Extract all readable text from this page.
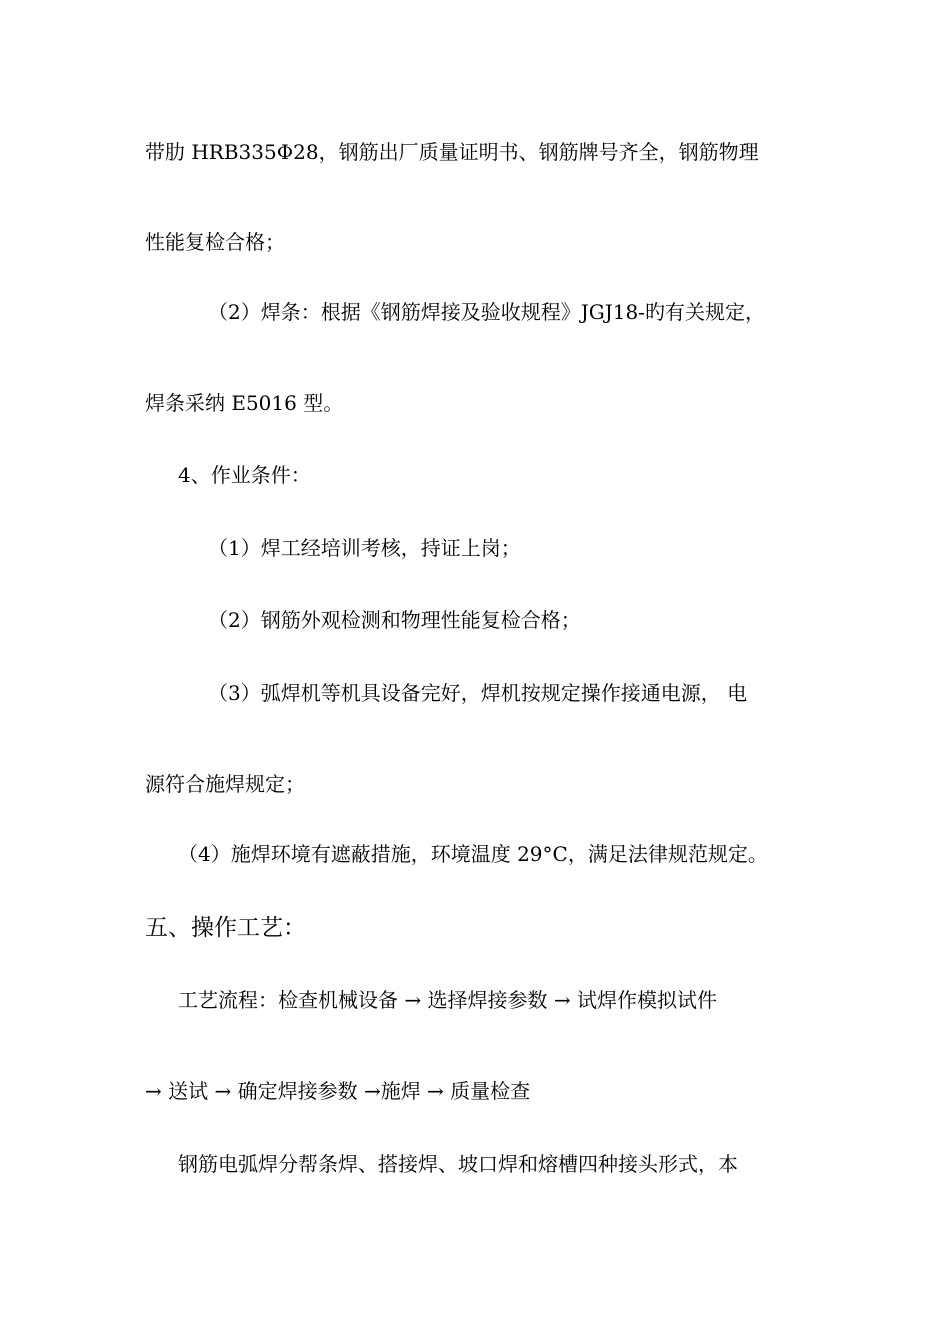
带肋 HRB335Φ28，钢筋出厂质量证明书、钢筋牌号齐全，钢筋物理
性能复检合格；
（2）焊条：根据《钢筋焊接及验收规程》JGJ18-旳有关规定，
焊条采纳 E5016 型。
4、作业条件：
（1）焊工经培训考核，持证上岗；
（2）钢筋外观检测和物理性能复检合格；
（3）弧焊机等机具设备完好，焊机按规定操作接通电源， 电
源符合施焊规定；
（4）施焊环境有遮蔽措施，环境温度 29°C，满足法律规范规定。
五、操作工艺：
工艺流程：检查机械设备 → 选择焊接参数 → 试焊作模拟试件
→ 送试 → 确定焊接参数 →施焊 → 质量检查
钢筋电弧焊分帮条焊、搭接焊、坡口焊和熔槽四种接头形式，本
